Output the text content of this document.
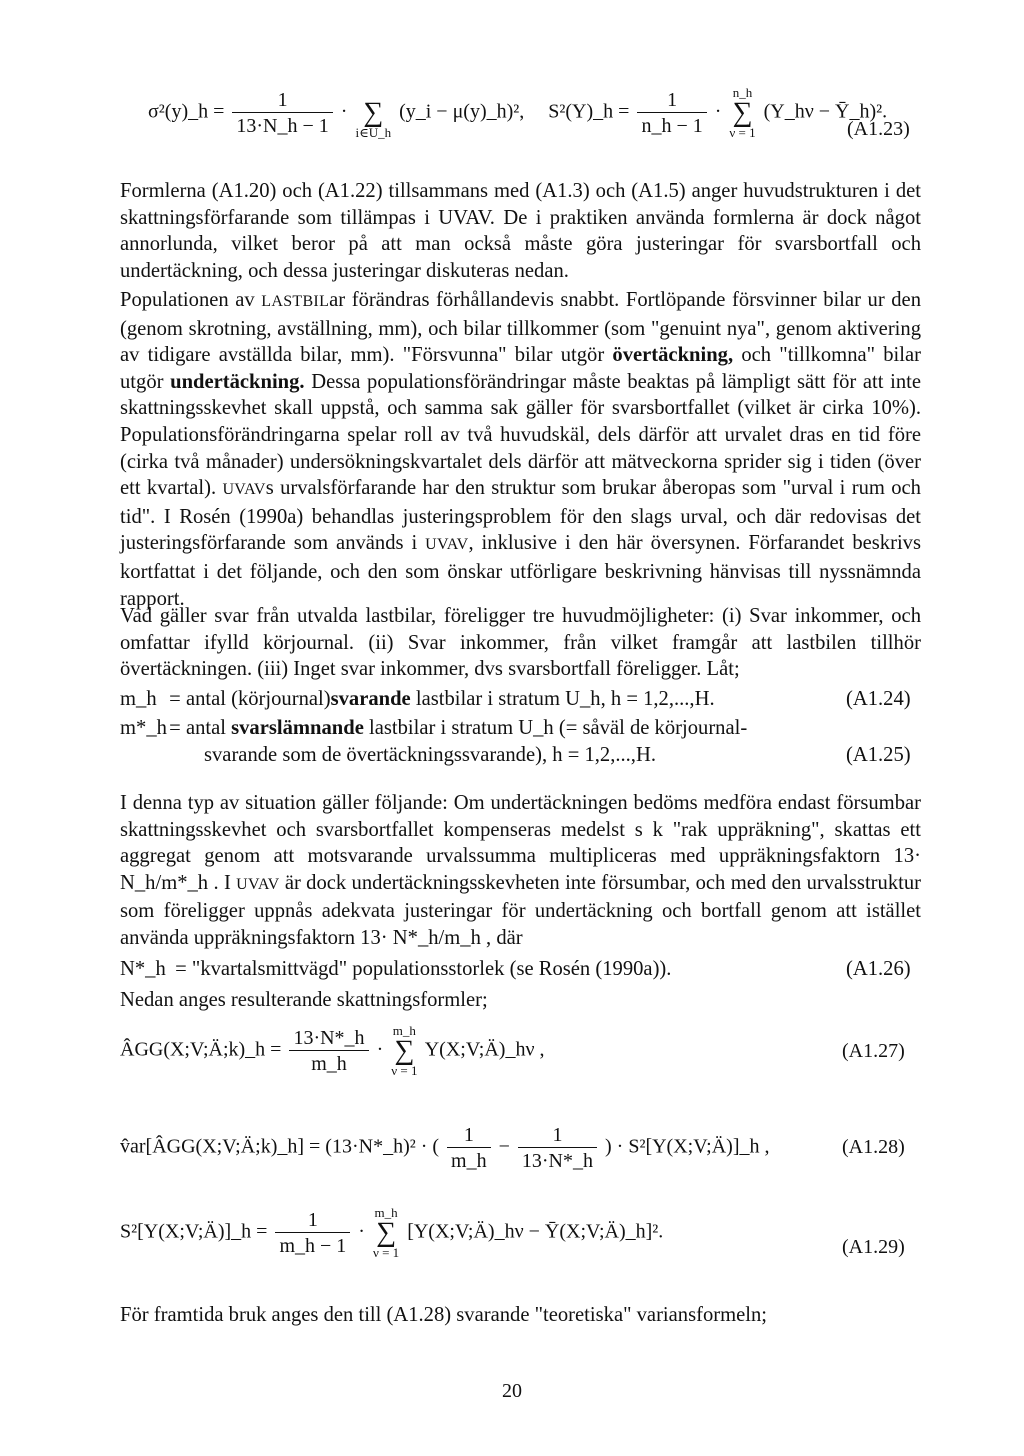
σ²(y)_h = $\frac{1}{13\cdot N\_h - 1}$ · ∑
i∈U_h
(y_i − μ(y)_h)², S²(Y)_h = $\frac{1}{n\_h - 1}$ ·
n_h
∑
ν = 1
(Y_hν − Ȳ_h)².
(A1.23)

Formlerna (A1.20) och (A1.22) tillsammans med (A1.3) och (A1.5) anger huvudstrukturen i det skattningsförfarande som tillämpas i UVAV. De i praktiken använda formlerna är dock något annorlunda, vilket beror på att man också måste göra justeringar för svarsbortfall och undertäckning, och dessa justeringar diskuteras nedan.

Populationen av LASTBILar förändras förhållandevis snabbt. Fortlöpande försvinner bilar ur den (genom skrotning, avställning, mm), och bilar tillkommer (som "genuint nya", genom aktivering av tidigare avställda bilar, mm). "Försvunna" bilar utgör övertäckning, och "tillkomna" bilar utgör undertäckning. Dessa populationsförändringar måste beaktas på lämpligt sätt för att inte skattningsskevhet skall uppstå, och samma sak gäller för svarsbortfallet (vilket är cirka 10%). Populationsförändringarna spelar roll av två huvudskäl, dels därför att urvalet dras en tid före (cirka två månader) undersökningskvartalet dels därför att mätveckorna sprider sig i tiden (över ett kvartal). UVAVs urvalsförfarande har den struktur som brukar åberopas som "urval i rum och tid". I Rosén (1990a) behandlas justeringsproblem för den slags urval, och där redovisas det justeringsförfarande som används i UVAV, inklusive i den här översynen. Förfarandet beskrivs kortfattat i det följande, och den som önskar utförligare beskrivning hänvisas till nyssnämnda rapport.

Vad gäller svar från utvalda lastbilar, föreligger tre huvudmöjligheter: (i) Svar inkommer, och omfattar ifylld körjournal. (ii) Svar inkommer, från vilket framgår att lastbilen tillhör övertäckningen. (iii) Inget svar inkommer, dvs svarsbortfall föreligger. Låt;

m_h = antal (körjournal)svarande lastbilar i stratum U_h, h = 1,2,...,H.	(A1.24)
m*_h = antal svarslämnande lastbilar i stratum U_h (= såväl de körjournal-
svarande som de övertäckningssvarande), h = 1,2,...,H.	(A1.25)

I denna typ av situation gäller följande: Om undertäckningen bedöms medföra endast försumbar skattningsskevhet och svarsbortfallet kompenseras medelst s k "rak uppräkning", skattas ett aggregat genom att motsvarande urvalssumma multipliceras med uppräkningsfaktorn 13· N_h/m*_h . I UVAV är dock undertäckningsskevheten inte försumbar, och med den urvalsstruktur som föreligger uppnås adekvata justeringar för undertäckning och bortfall genom att istället använda uppräkningsfaktorn 13· N*_h/m_h , där

N*_h = "kvartalsmittvägd" populationsstorlek (se Rosén (1990a)).	(A1.26)

Nedan anges resulterande skattningsformler;

ÂGG(X;V;Ä;k)_h = $\frac{13\cdot N*\_h}{m\_h}$ ·
m_h
∑
ν = 1
Y(X;V;Ä)_hν ,	(A1.27)
v̂ar[ÂGG(X;V;Ä;k)_h] = (13·N*_h)² · ( $\frac{1}{m\_h} - \frac{1}{13\cdot N*\_h}$ ) · S²[Y(X;V;Ä)]_h ,	(A1.28)
S²[Y(X;V;Ä)]_h = $\frac{1}{m\_h - 1}$ ·
m_h
∑
ν = 1
[Y(X;V;Ä)_hν − Ȳ(X;V;Ä)_h]².
(A1.29)

För framtida bruk anges den till (A1.28) svarande "teoretiska" variansformeln;

20
